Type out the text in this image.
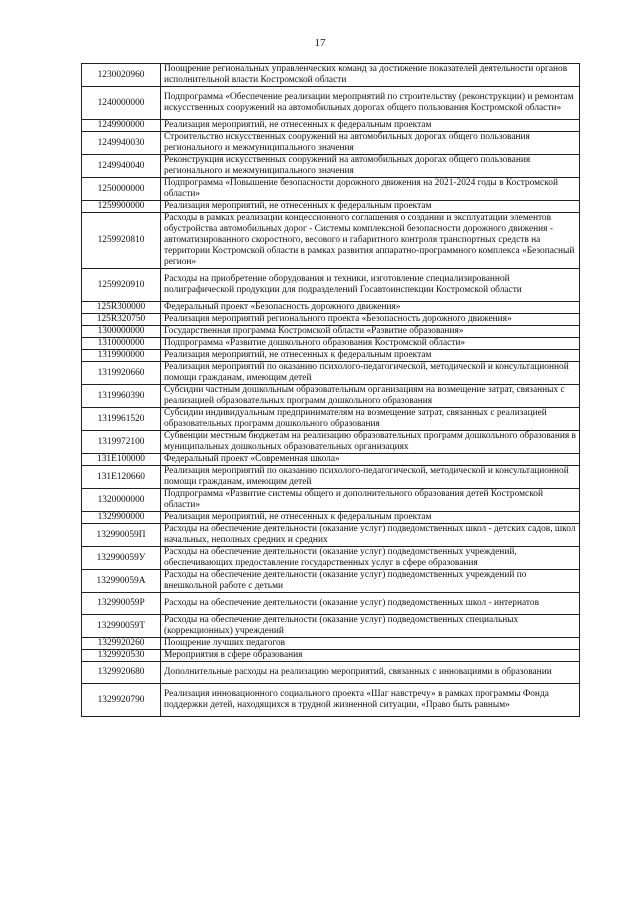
17
1230020960	Поощрение региональных управленческих команд за достижение показателей деятельности органов исполнительной власти Костромской области
1240000000	Подпрограмма «Обеспечение реализации мероприятий по строительству (реконструкции) и ремонтам искусственных сооружений на автомобильных дорогах общего пользования Костромской области»
1249900000	Реализация мероприятий, не отнесенных к федеральным проектам
1249940030	Строительство искусственных сооружений на автомобильных дорогах общего пользования регионального и межмуниципального значения
1249940040	Реконструкция искусственных сооружений на автомобильных дорогах общего пользования регионального и межмуниципального значения
1250000000	Подпрограмма «Повышение безопасности дорожного движения на 2021-2024 годы в Костромской области»
1259900000	Реализация мероприятий, не отнесенных к федеральным проектам
1259920810	Расходы в рамках реализации концессионного соглашения о создании и эксплуатации элементов обустройства автомобильных дорог - Системы комплексной безопасности дорожного движения - автоматизированного скоростного, весового и габаритного контроля транспортных средств на территории Костромской области в рамках развития аппаратно-программного комплекса «Безопасный регион»
1259920910	Расходы на приобретение оборудования и техники, изготовление специализированной полиграфической продукции для подразделений Госавтоинспекции Костромской области
125R300000	Федеральный проект «Безопасность дорожного движения»
125R320750	Реализация мероприятий регионального проекта «Безопасность дорожного движения»
1300000000	Государственная программа Костромской области «Развитие образования»
1310000000	Подпрограмма «Развитие дошкольного образования Костромской области»
1319900000	Реализация мероприятий, не отнесенных к федеральным проектам
1319920660	Реализация мероприятий по оказанию психолого-педагогической, методической и консультационной помощи гражданам, имеющим детей
1319960390	Субсидии частным дошкольным образовательным организациям на возмещение затрат, связанных с реализацией образовательных программ дошкольного образования
1319961520	Субсидии индивидуальным предпринимателям на возмещение затрат, связанных с реализацией образовательных программ дошкольного образования
1319972100	Субвенции местным бюджетам на реализацию образовательных программ дошкольного образования в муниципальных дошкольных образовательных организациях
131E100000	Федеральный проект «Современная школа»
131E120660	Реализация мероприятий по оказанию психолого-педагогической, методической и консультационной помощи гражданам, имеющим детей
1320000000	Подпрограмма «Развитие системы общего и дополнительного образования детей Костромской области»
1329900000	Реализация мероприятий, не отнесенных к федеральным проектам
132990059П	Расходы на обеспечение деятельности (оказание услуг) подведомственных школ - детских садов, школ начальных, неполных средних и средних
132990059У	Расходы на обеспечение деятельности (оказание услуг) подведомственных учреждений, обеспечивающих предоставление государственных услуг в сфере образования
132990059А	Расходы на обеспечение деятельности (оказание услуг) подведомственных учреждений по внешкольной работе с детьми
132990059Р	Расходы на обеспечение деятельности (оказание услуг) подведомственных школ - интернатов
132990059Т	Расходы на обеспечение деятельности (оказание услуг) подведомственных специальных (коррекционных) учреждений
1329920260	Поощрение лучших педагогов
1329920530	Мероприятия в сфере образования
1329920680	Дополнительные расходы на реализацию мероприятий, связанных с инновациями в образовании
1329920790	Реализация инновационного социального проекта «Шаг навстречу» в рамках программы Фонда поддержки детей, находящихся в трудной жизненной ситуации, «Право быть равным»
